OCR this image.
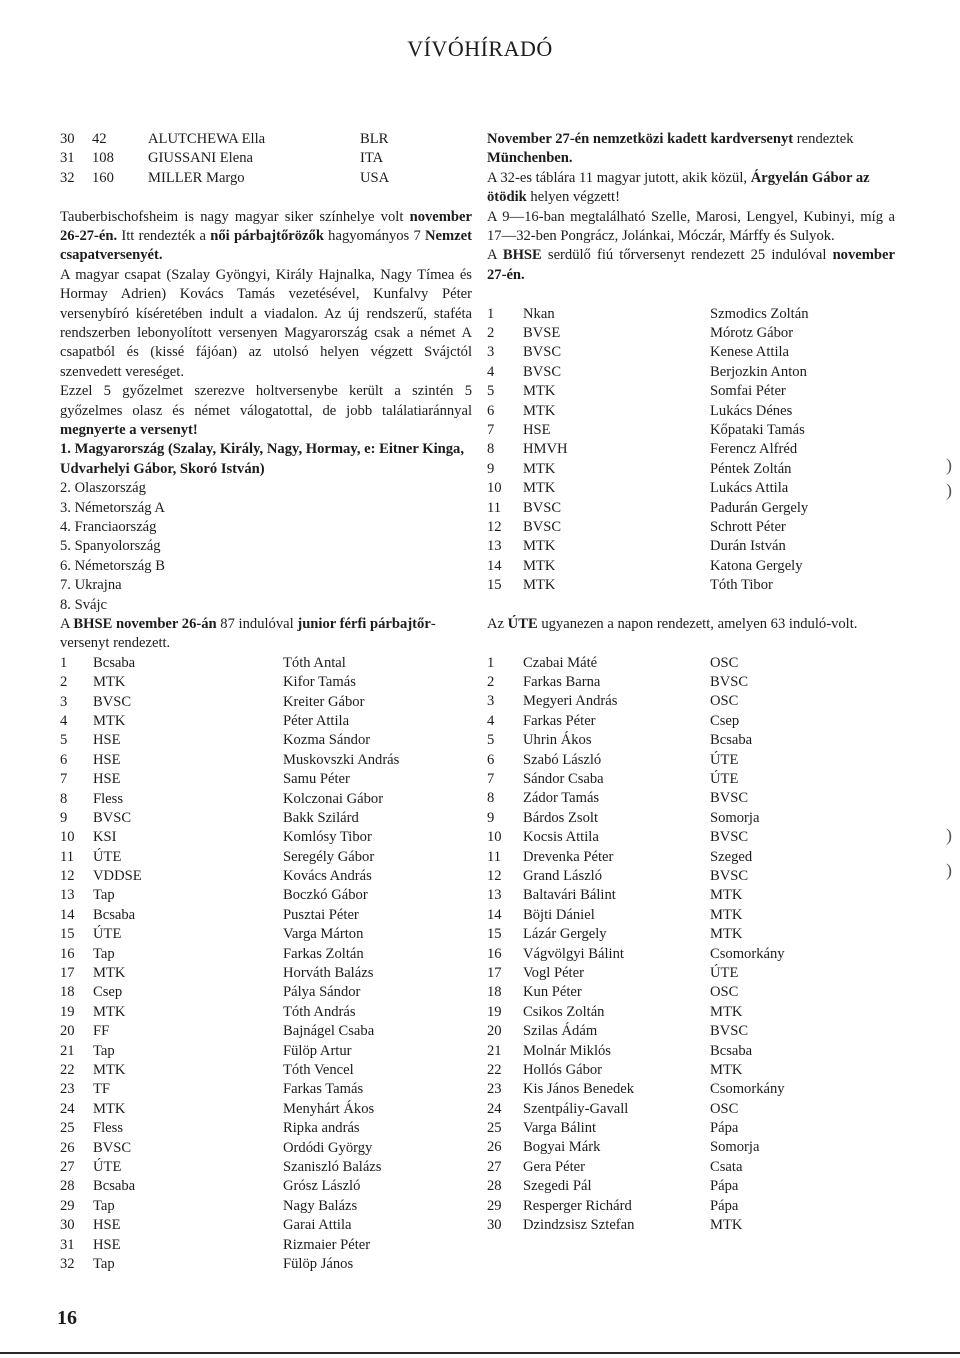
VÍVÓHÍRADÓ
30	42	ALUTCHEWA Ella	BLR
31	108	GIUSSANI Elena	ITA
32	160	MILLER Margo	USA

Tauberbischofsheim is nagy magyar siker színhelye volt november 26-27-én. Itt rendezték a női párbajtőrözők hagyományos 7 Nemzet csapatversenyét.

A magyar csapat (Szalay Gyöngyi, Király Hajnalka, Nagy Tímea és Hormay Adrien) Kovács Tamás vezetésével, Kunfalvy Péter versenybíró kíséretében indult a viadalon. Az új rendszerű, staféta rendszerben lebonyolított versenyen Magyarország csak a német A csapatból és (kissé fájóan) az utolsó helyen végzett Svájctól szenvedett vereséget.

Ezzel 5 győzelmet szerezve holtversenybe került a szintén 5 győzelmes olasz és német válogatottal, de jobb találatiaránnyal megnyerte a versenyt!

1. Magyarország (Szalay, Király, Nagy, Hormay, e: Eitner Kinga, Udvarhelyi Gábor, Skoró István)

2. Olaszország
3. Németország A
4. Franciaország
5. Spanyolország
6. Németország B
7. Ukrajna
8. Svájc

A BHSE november 26-án 87 indulóval junior férfi párbajtőr-versenyt rendezett.

1	Bcsaba	Tóth Antal
2	MTK	Kifor Tamás
3	BVSC	Kreiter Gábor
4	MTK	Péter Attila
5	HSE	Kozma Sándor
6	HSE	Muskovszki András
7	HSE	Samu Péter
8	Fless	Kolczonai Gábor
9	BVSC	Bakk Szilárd
10	KSI	Komlósy Tibor
11	ÚTE	Seregély Gábor
12	VDDSE	Kovács András
13	Tap	Boczkó Gábor
14	Bcsaba	Pusztai Péter
15	ÚTE	Varga Márton
16	Tap	Farkas Zoltán
17	MTK	Horváth Balázs
18	Csep	Pálya Sándor
19	MTK	Tóth András
20	FF	Bajnágel Csaba
21	Tap	Fülöp Artur
22	MTK	Tóth Vencel
23	TF	Farkas Tamás
24	MTK	Menyhárt Ákos
25	Fless	Ripka andrás
26	BVSC	Ordódi György
27	ÚTE	Szaniszló Balázs
28	Bcsaba	Grósz László
29	Tap	Nagy Balázs
30	HSE	Garai Attila
31	HSE	Rizmaier Péter
32	Tap	Fülöp János

November 27-én nemzetközi kadett kardversenyt rendeztek Münchenben.

A 32-es táblára 11 magyar jutott, akik közül, Árgyelán Gábor az ötödik helyen végzett!

A 9—16-ban megtalálható Szelle, Marosi, Lengyel, Kubinyi, míg a 17—32-ben Pongrácz, Jolánkai, Móczár, Márffy és Sulyok.

A BHSE serdülő fiú tőrversenyt rendezett 25 indulóval november 27-én.

1	Nkan	Szmodics Zoltán
2	BVSE	Mórotz Gábor
3	BVSC	Kenese Attila
4	BVSC	Berjozkin Anton
5	MTK	Somfai Péter
6	MTK	Lukács Dénes
7	HSE	Kőpataki Tamás
8	HMVH	Ferencz Alfréd
9	MTK	Péntek Zoltán
10	MTK	Lukács Attila
11	BVSC	Padurán Gergely
12	BVSC	Schrott Péter
13	MTK	Durán István
14	MTK	Katona Gergely
15	MTK	Tóth Tibor

Az ÚTE ugyanezen a napon rendezett, amelyen 63 induló-volt.

1	Czabai Máté	OSC
2	Farkas Barna	BVSC
3	Megyeri András	OSC
4	Farkas Péter	Csep
5	Uhrin Ákos	Bcsaba
6	Szabó László	ÚTE
7	Sándor Csaba	ÚTE
8	Zádor Tamás	BVSC
9	Bárdos Zsolt	Somorja
10	Kocsis Attila	BVSC
11	Drevenka Péter	Szeged
12	Grand László	BVSC
13	Baltavári Bálint	MTK
14	Böjti Dániel	MTK
15	Lázár Gergely	MTK
16	Vágvölgyi Bálint	Csomorkány
17	Vogl Péter	ÚTE
18	Kun Péter	OSC
19	Csikos Zoltán	MTK
20	Szilas Ádám	BVSC
21	Molnár Miklós	Bcsaba
22	Hollós Gábor	MTK
23	Kis János Benedek	Csomorkány
24	Szentpáliy-Gavall	OSC
25	Varga Bálint	Pápa
26	Bogyai Márk	Somorja
27	Gera Péter	Csata
28	Szegedi Pál	Pápa
29	Resperger Richárd	Pápa
30	Dzindzsisz Sztefan	MTK
)
)
)
)
16
